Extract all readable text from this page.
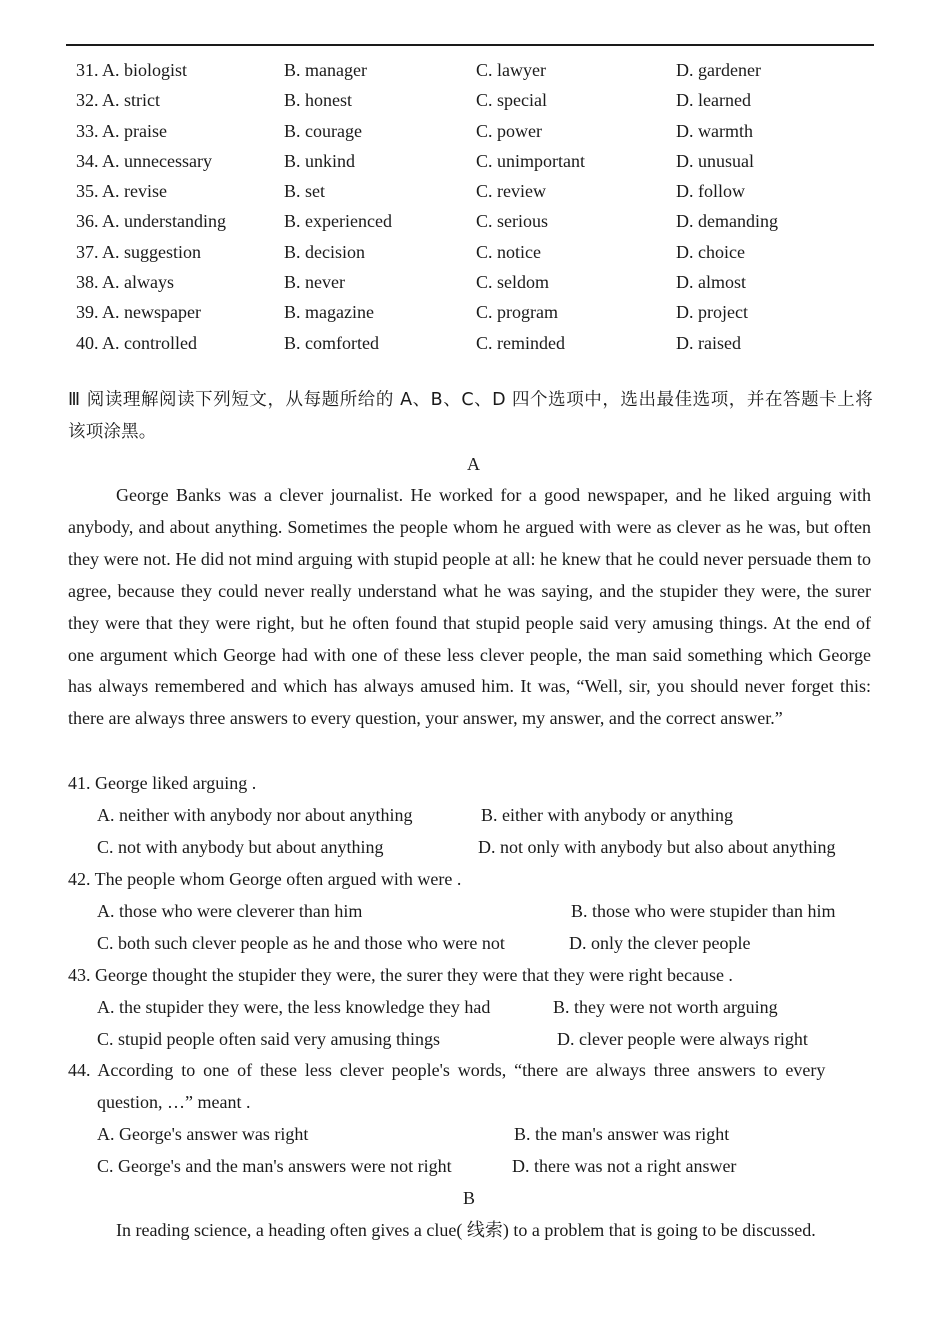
31. A. biologist	B. manager	C. lawyer	D. gardener
32. A. strict	B. honest	C. special	D. learned
33. A. praise	B. courage	C. power	D. warmth
34. A. unnecessary	B. unkind	C. unimportant	D. unusual
35. A. revise	B. set	C. review	D. follow
36. A. understanding	B. experienced	C. serious	D. demanding
37. A. suggestion	B. decision	C. notice	D. choice
38. A. always	B. never	C. seldom	D. almost
39. A. newspaper	B. magazine	C. program	D. project
40. A. controlled	B. comforted	C. reminded	D. raised
Ⅲ 阅读理解阅读下列短文，从每题所给的 A、B、C、D 四个选项中，选出最佳选项，并在答题卡上将该项涂黑。
A

George Banks was a clever journalist. He worked for a good newspaper, and he liked arguing with anybody, and about anything. Sometimes the people whom he argued with were as clever as he was, but often they were not. He did not mind arguing with stupid people at all: he knew that he could never persuade them to agree, because they could never really understand what he was saying, and the stupider they were, the surer they were that they were right, but he often found that stupid people said very amusing things. At the end of one argument which George had with one of these less clever people, the man said something which George has always remembered and which has always amused him. It was, “Well, sir, you should never forget this: there are always three answers to every question, your answer, my answer, and the correct answer.”

41. George liked arguing .
A. neither with anybody nor about anything	B. either with anybody or anything
C. not with anybody but about anything	D. not only with anybody but also about anything
42. The people whom George often argued with were .
A. those who were cleverer than him	B. those who were stupider than him
C. both such clever people as he and those who were not	D. only the clever people
43. George thought the stupider they were, the surer they were that they were right because .
A. the stupider they were, the less knowledge they had	B. they were not worth arguing
C. stupid people often said very amusing things	D. clever people were always right
44. According to one of these less clever people's words, “there are always three answers to every
question, …” meant .
A. George's answer was right	B. the man's answer was right
C. George's and the man's answers were not right	D. there was not a right answer
B

In reading science, a heading often gives a clue( 线索) to a problem that is going to be discussed.
